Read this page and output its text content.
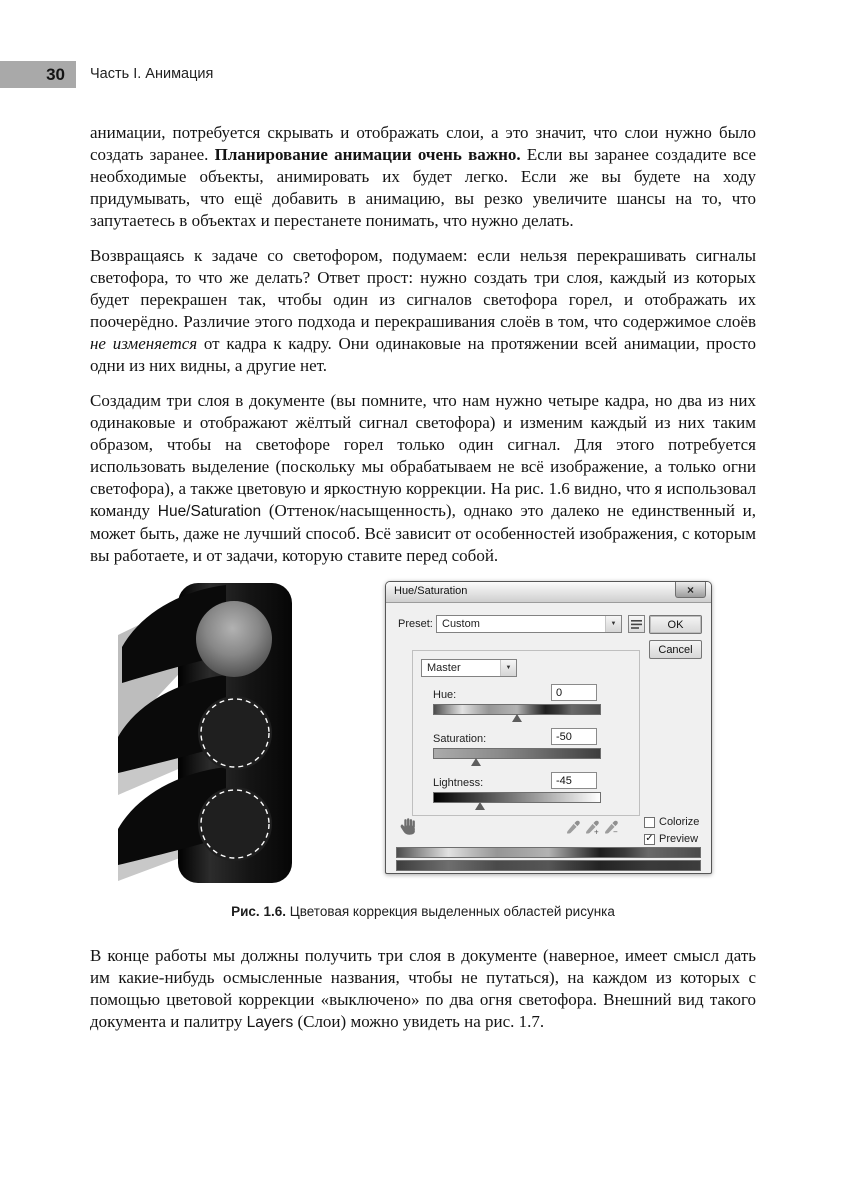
30 Часть I. Анимация

анимации, потребуется скрывать и отображать слои, а это значит, что слои нужно было создать заранее. Планирование анимации очень важно. Если вы заранее создадите все необходимые объекты, анимировать их будет легко. Если же вы будете на ходу придумывать, что ещё добавить в анимацию, вы резко увеличите шансы на то, что запутаетесь в объектах и перестанете понимать, что нужно делать.

Возвращаясь к задаче со светофором, подумаем: если нельзя перекрашивать сигналы светофора, то что же делать? Ответ прост: нужно создать три слоя, каждый из которых будет перекрашен так, чтобы один из сигналов светофора горел, и отображать их поочерёдно. Различие этого подхода и перекрашивания слоёв в том, что содержимое слоёв не изменяется от кадра к кадру. Они одинаковые на протяжении всей анимации, просто одни из них видны, а другие нет.

Создадим три слоя в документе (вы помните, что нам нужно четыре кадра, но два из них одинаковые и отображают жёлтый сигнал светофора) и изменим каждый из них таким образом, чтобы на светофоре горел только один сигнал. Для этого потребуется использовать выделение (поскольку мы обрабатываем не всё изображение, а только огни светофора), а также цветовую и яркостную коррекции. На рис. 1.6 видно, что я использовал команду Hue/Saturation (Оттенок/насыщенность), однако это далеко не единственный и, может быть, даже не лучший способ. Всё зависит от особенностей изображения, с которым вы работаете, и от задачи, которую ставите перед собой.

Hue/Saturation	×
Preset: Custom	▼	OK
Cancel
Master	▼
Hue:
0
Saturation:
-50
Lightness:
-45
+ −
Colorize
✓ Preview
Рис. 1.6. Цветовая коррекция выделенных областей рисунка

В конце работы мы должны получить три слоя в документе (наверное, имеет смысл дать им какие-нибудь осмысленные названия, чтобы не путаться), на каждом из которых с помощью цветовой коррекции «выключено» по два огня светофора. Внешний вид такого документа и палитру Layers (Слои) можно увидеть на рис. 1.7.
